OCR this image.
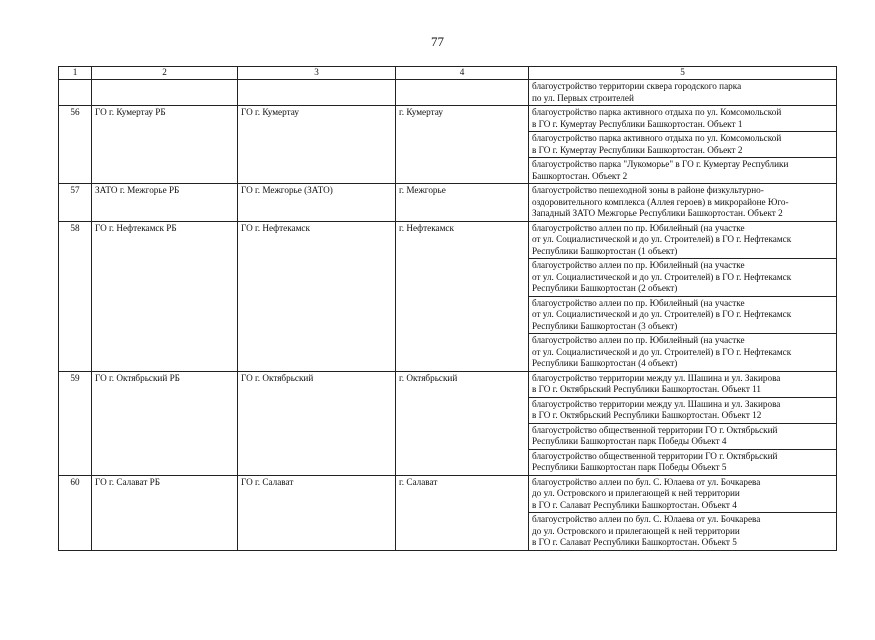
77
1	2	3	4	5
				благоустройство территории сквера городского парка
по ул. Первых строителей
56	ГО г. Кумертау РБ	ГО г. Кумертау	г. Кумертау	благоустройство парка активного отдыха по ул. Комсомольской
в ГО г. Кумертау Республики Башкортостан. Объект 1
				благоустройство парка активного отдыха по ул. Комсомольской
в ГО г. Кумертау Республики Башкортостан. Объект 2
				благоустройство парка "Лукоморье" в ГО г. Кумертау Республики
Башкортостан. Объект 2
57	ЗАТО г. Межгорье РБ	ГО г. Межгорье (ЗАТО)	г. Межгорье	благоустройство пешеходной зоны в районе физкультурно-
оздоровительного комплекса (Аллея героев) в микрорайоне Юго-
Западный ЗАТО Межгорье Республики Башкортостан. Объект 2
58	ГО г. Нефтекамск РБ	ГО г. Нефтекамск	г. Нефтекамск	благоустройство аллеи по пр. Юбилейный (на участке
от ул. Социалистической и до ул. Строителей) в ГО г. Нефтекамск
Республики Башкортостан (1 объект)
				благоустройство аллеи по пр. Юбилейный (на участке
от ул. Социалистической и до ул. Строителей) в ГО г. Нефтекамск
Республики Башкортостан (2 объект)
				благоустройство аллеи по пр. Юбилейный (на участке
от ул. Социалистической и до ул. Строителей) в ГО г. Нефтекамск
Республики Башкортостан (3 объект)
				благоустройство аллеи по пр. Юбилейный (на участке
от ул. Социалистической и до ул. Строителей) в ГО г. Нефтекамск
Республики Башкортостан (4 объект)
59	ГО г. Октябрьский РБ	ГО г. Октябрьский	г. Октябрьский	благоустройство территории между ул. Шашина и ул. Закирова
в ГО г. Октябрьский Республики Башкортостан. Объект 11
				благоустройство территории между ул. Шашина и ул. Закирова
в ГО г. Октябрьский Республики Башкортостан. Объект 12
				благоустройство общественной территории ГО г. Октябрьский
Республики Башкортостан парк Победы Объект 4
				благоустройство общественной территории ГО г. Октябрьский
Республики Башкортостан парк Победы Объект 5
60	ГО г. Салават РБ	ГО г. Салават	г. Салават	благоустройство аллеи по бул. С. Юлаева от ул. Бочкарева
до ул. Островского и прилегающей к ней территории
в ГО г. Салават Республики Башкортостан. Объект 4
				благоустройство аллеи по бул. С. Юлаева от ул. Бочкарева
до ул. Островского и прилегающей к ней территории
в ГО г. Салават Республики Башкортостан. Объект 5
